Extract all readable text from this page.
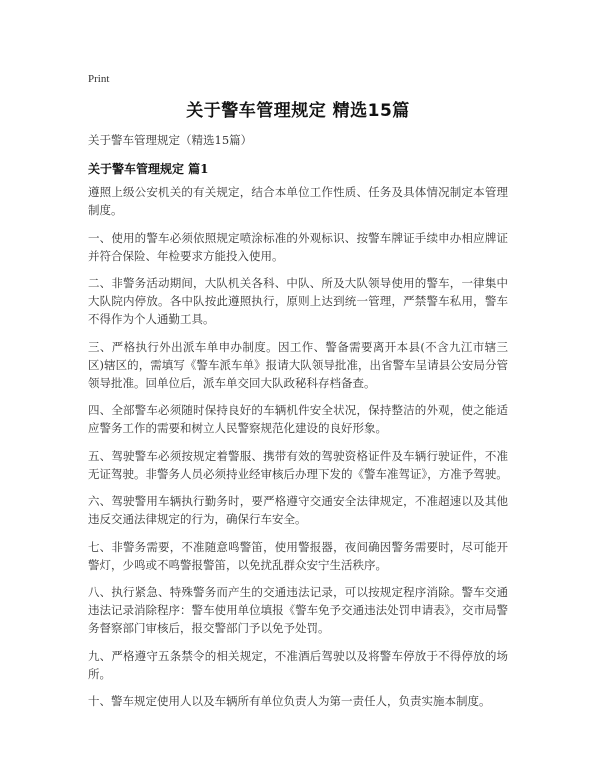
Print
关于警车管理规定 精选15篇
关于警车管理规定（精选15篇）
关于警车管理规定 篇1

遵照上级公安机关的有关规定，结合本单位工作性质、任务及具体情况制定本管理制度。

一、使用的警车必须依照规定喷涂标准的外观标识、按警车牌证手续申办相应牌证并符合保险、年检要求方能投入使用。

二、非警务活动期间，大队机关各科、中队、所及大队领导使用的警车，一律集中大队院内停放。各中队按此遵照执行，原则上达到统一管理，严禁警车私用，警车不得作为个人通勤工具。

三、严格执行外出派车单申办制度。因工作、警备需要离开本县(不含九江市辖三区)辖区的，需填写《警车派车单》报请大队领导批准，出省警车呈请县公安局分管领导批准。回单位后，派车单交回大队政秘科存档备查。

四、全部警车必须随时保持良好的车辆机件安全状况，保持整洁的外观，使之能适应警务工作的需要和树立人民警察规范化建设的良好形象。

五、驾驶警车必须按规定着警服、携带有效的驾驶资格证件及车辆行驶证件，不准无证驾驶。非警务人员必须持业经审核后办理下发的《警车准驾证》，方准予驾驶。

六、驾驶警用车辆执行勤务时，要严格遵守交通安全法律规定，不准超速以及其他违反交通法律规定的行为，确保行车安全。

七、非警务需要，不准随意鸣警笛，使用警报器，夜间确因警务需要时，尽可能开警灯，少鸣或不鸣警报警笛，以免扰乱群众安宁生活秩序。

八、执行紧急、特殊警务而产生的交通违法记录，可以按规定程序消除。警车交通违法记录消除程序：警车使用单位填报《警车免予交通违法处罚申请表》，交市局警务督察部门审核后，报交警部门予以免予处罚。

九、严格遵守五条禁令的相关规定，不准酒后驾驶以及将警车停放于不得停放的场所。

十、警车规定使用人以及车辆所有单位负责人为第一责任人，负责实施本制度。
